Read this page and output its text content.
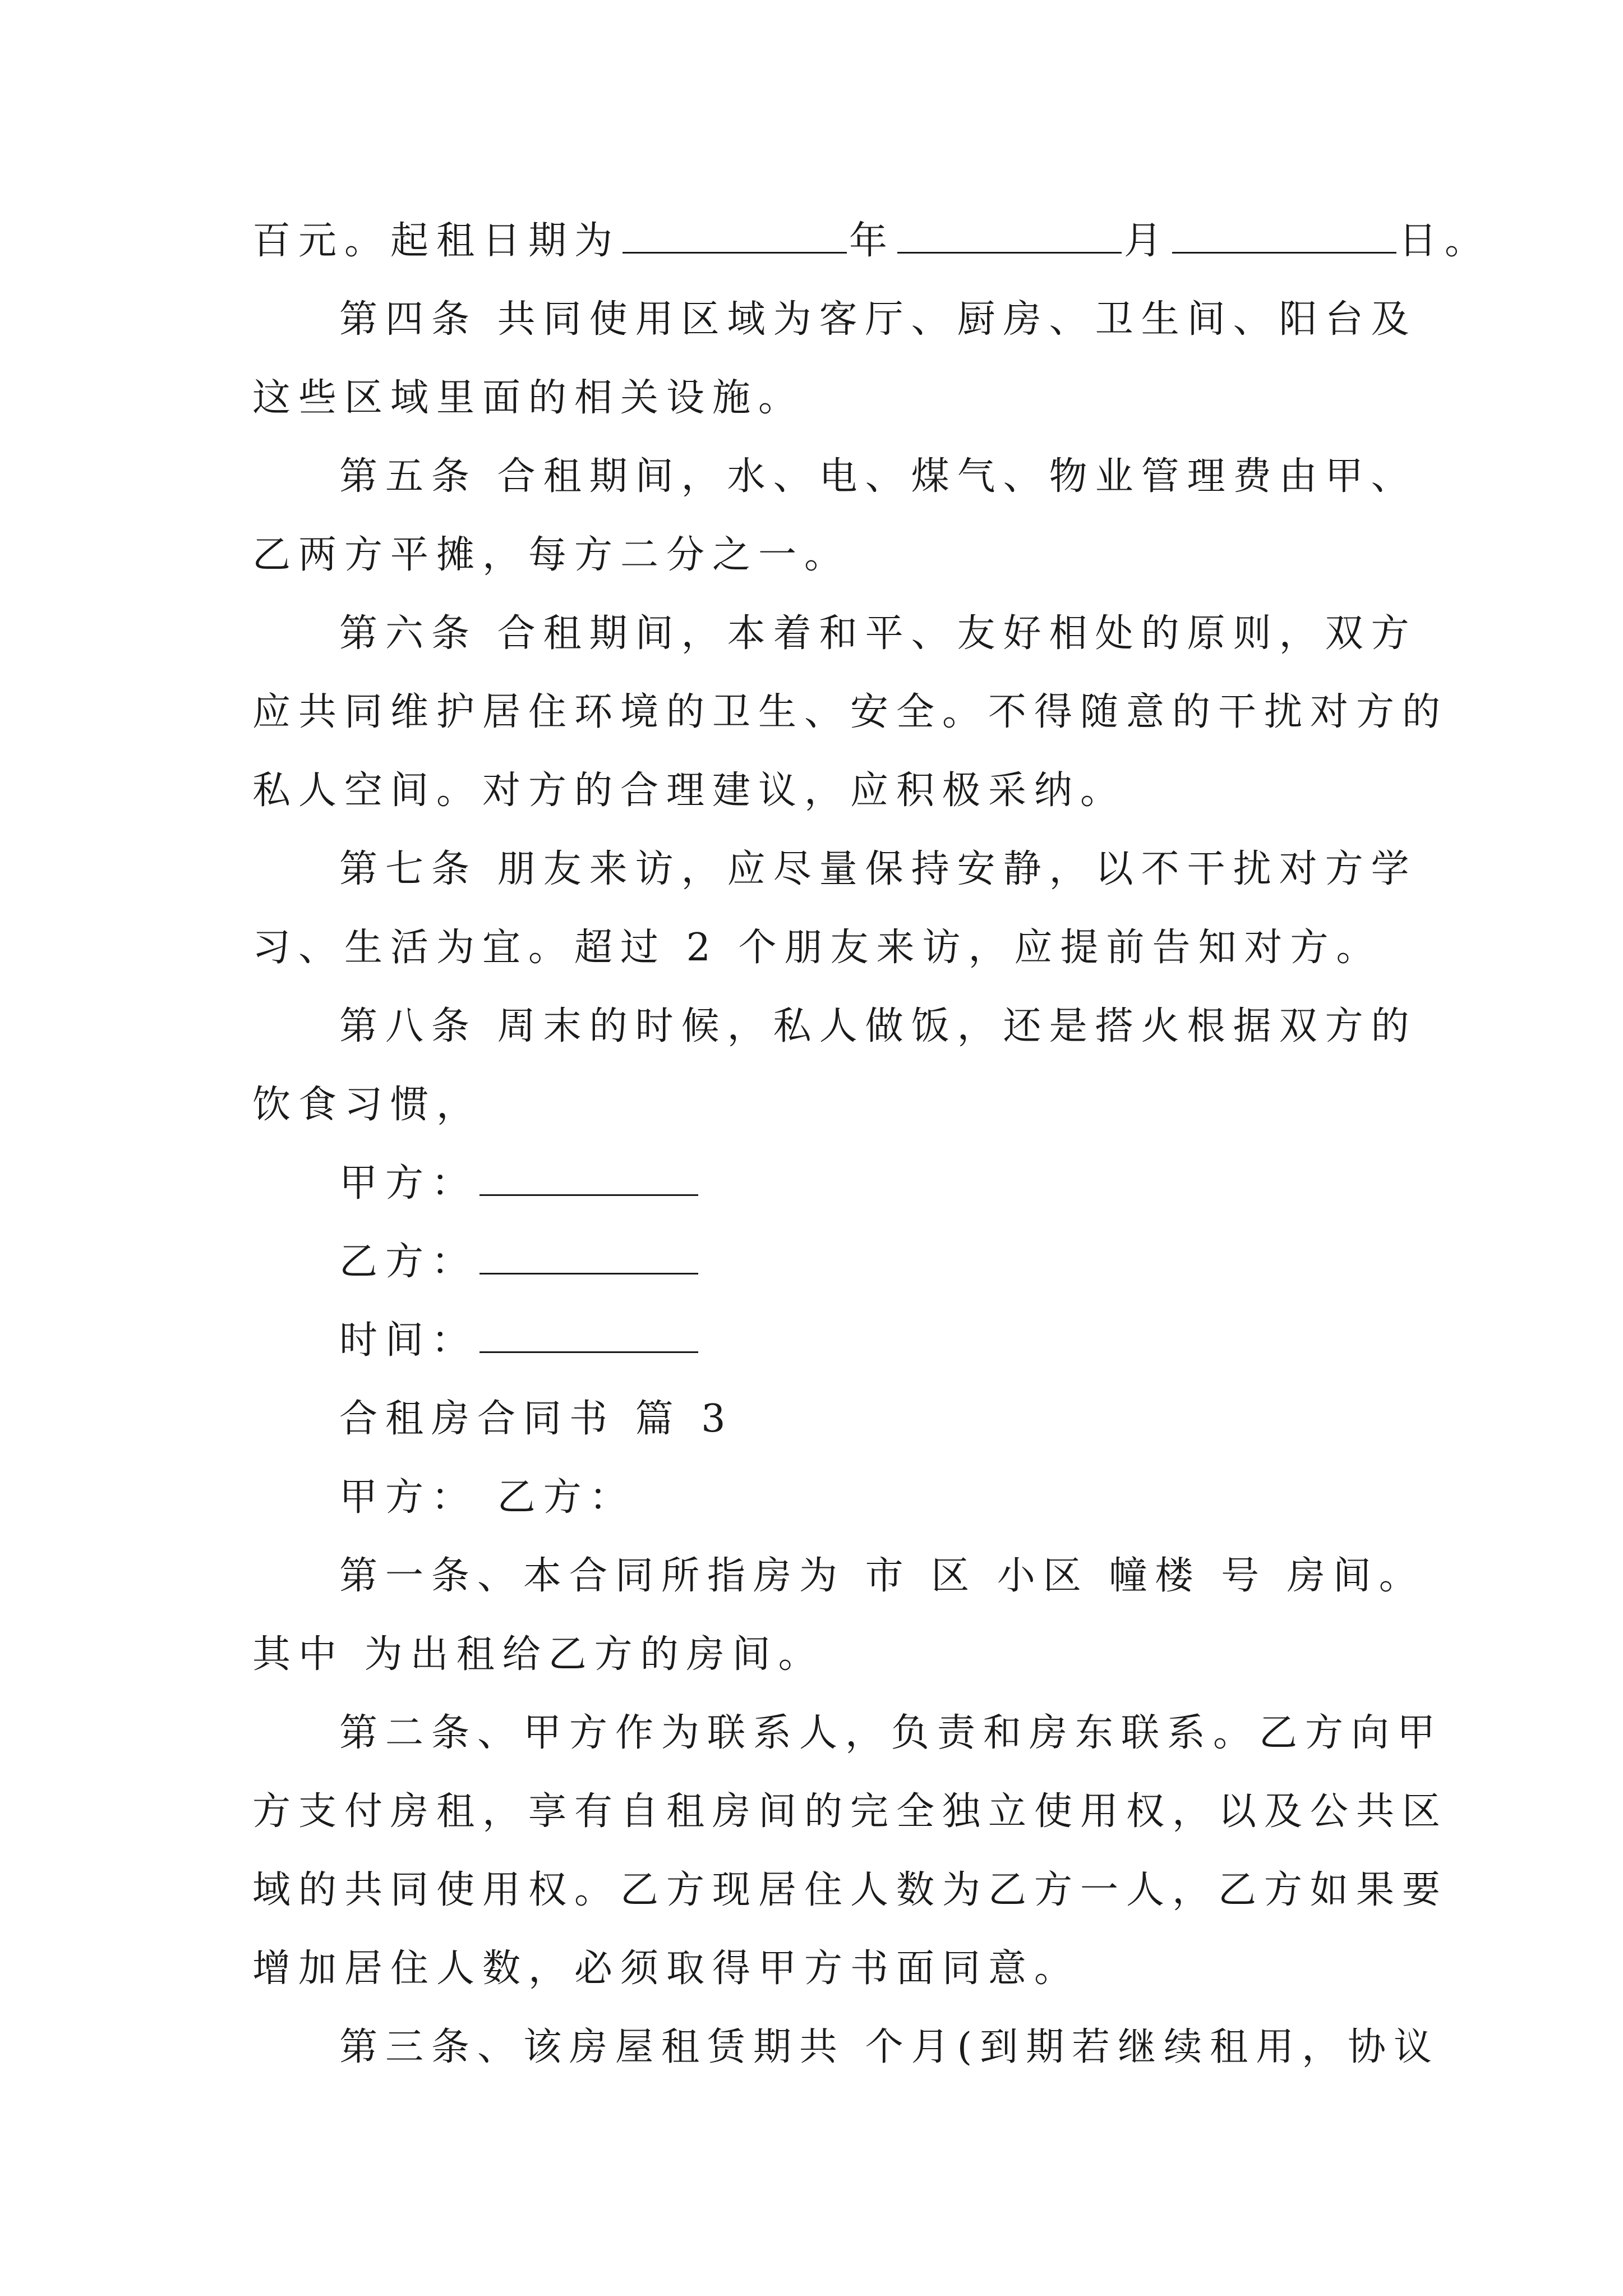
百元。起租日期为	年	月	日。
第四条 共同使用区域为客厅、厨房、卫生间、阳台及
这些区域里面的相关设施。
第五条 合租期间，水、电、煤气、物业管理费由甲、
乙两方平摊，每方二分之一。
第六条 合租期间，本着和平、友好相处的原则，双方
应共同维护居住环境的卫生、安全。不得随意的干扰对方的
私人空间。对方的合理建议，应积极采纳。
第七条 朋友来访，应尽量保持安静，以不干扰对方学
习、生活为宜。超过 2 个朋友来访，应提前告知对方。
第八条 周末的时候，私人做饭，还是搭火根据双方的
饮食习惯，
甲方：
乙方：
时间：
合租房合同书 篇 3
甲方： 乙方：
第一条、本合同所指房为 市 区 小区 幢楼 号 房间。
其中 为出租给乙方的房间。
第二条、甲方作为联系人，负责和房东联系。乙方向甲
方支付房租，享有自租房间的完全独立使用权，以及公共区
域的共同使用权。乙方现居住人数为乙方一人，乙方如果要
增加居住人数，必须取得甲方书面同意。
第三条、该房屋租赁期共 个月(到期若继续租用，协议
